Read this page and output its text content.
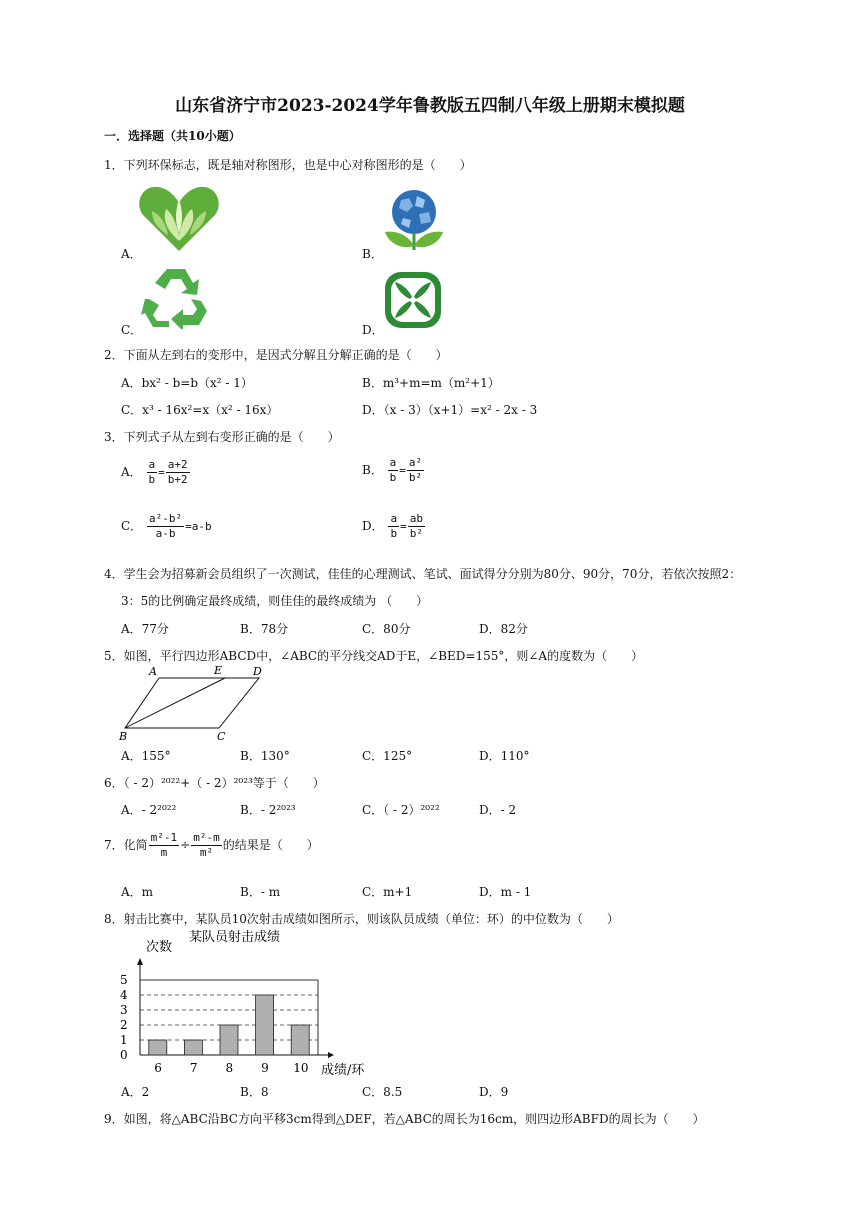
山东省济宁市2023-2024学年鲁教版五四制八年级上册期末模拟题
一．选择题（共10小题）
1．下列环保标志，既是轴对称图形，也是中心对称图形的是（　　）
A．	B．
C．	D．
2．下面从左到右的变形中，是因式分解且分解正确的是（　　）
A．bx² - b=b（x² - 1）	B．m³+m=m（m²+1）
C．x³ - 16x²=x（x² - 16x）	D．（x - 3）（x+1）=x² - 2x - 3
3．下列式子从左到右变形正确的是（　　）
A． $\frac{a}{b} = \frac{a+2}{b+2}$	B． $\frac{a}{b} = \frac{\text{a²}}{\text{b²}}$
C． $\frac{\text{a²-b²}}{a-b} =a-b$	D． $\frac{a}{b} = \frac{ab}{\text{b²}}$
4．学生会为招募新会员组织了一次测试，佳佳的心理测试、笔试、面试得分分别为80分、90分，70分，若依次按照2：
3：5的比例确定最终成绩，则佳佳的最终成绩为 （　　）
A．77分	B．78分	C．80分	D．82分
5．如图，平行四边形ABCD中，∠ABC的平分线交AD于E，∠BED=155°，则∠A的度数为（　　）
A	E	D
B	C
A．155°	B．130°	C．125°	D．110°
6．（ - 2）²⁰²²+（ - 2）²⁰²³等于（　　）
A．- 2²⁰²²	B．- 2²⁰²³	C．（ - 2）²⁰²²	D．- 2
7．化简 $\frac{\text{m²-1}}{m} \div \frac{\text{m²-m}}{\text{m²}}$ 的结果是（　　）
A．m	B．- m	C．m+1	D．m - 1
8．射击比赛中，某队员10次射击成绩如图所示，则该队员成绩（单位：环）的中位数为（　　）
0
1
2
3
4
5
6 7 8 9 10
某队员射击成绩
次数
成绩/环
A．2	B．8	C．8.5	D．9
9．如图，将△ABC沿BC方向平移3cm得到△DEF，若△ABC的周长为16cm，则四边形ABFD的周长为（　　）
